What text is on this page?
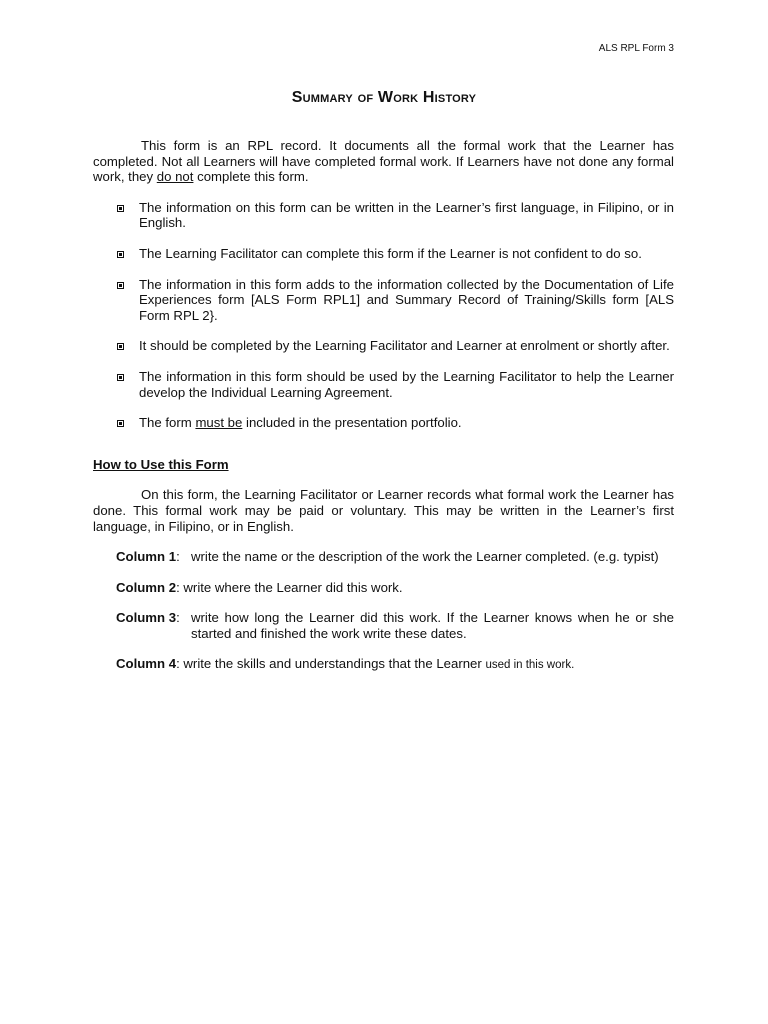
ALS RPL Form 3
Summary of Work History

This form is an RPL record. It documents all the formal work that the Learner has completed. Not all Learners will have completed formal work. If Learners have not done any formal work, they do not complete this form.

The information on this form can be written in the Learner’s first language, in Filipino, or in English.
The Learning Facilitator can complete this form if the Learner is not confident to do so.
The information in this form adds to the information collected by the Documentation of Life Experiences form [ALS Form RPL1] and Summary Record of Training/Skills form [ALS Form RPL 2}.
It should be completed by the Learning Facilitator and Learner at enrolment or shortly after.
The information in this form should be used by the Learning Facilitator to help the Learner develop the Individual Learning Agreement.
The form must be included in the presentation portfolio.

How to Use this Form

On this form, the Learning Facilitator or Learner records what formal work the Learner has done. This formal work may be paid or voluntary. This may be written in the Learner’s first language, in Filipino, or in English.

Column 1: write the name or the description of the work the Learner completed. (e.g. typist)
Column 2: write where the Learner did this work.

Column 3: write how long the Learner did this work. If the Learner knows when he or she started and finished the work write these dates.
Column 4: write the skills and understandings that the Learner used in this work.
